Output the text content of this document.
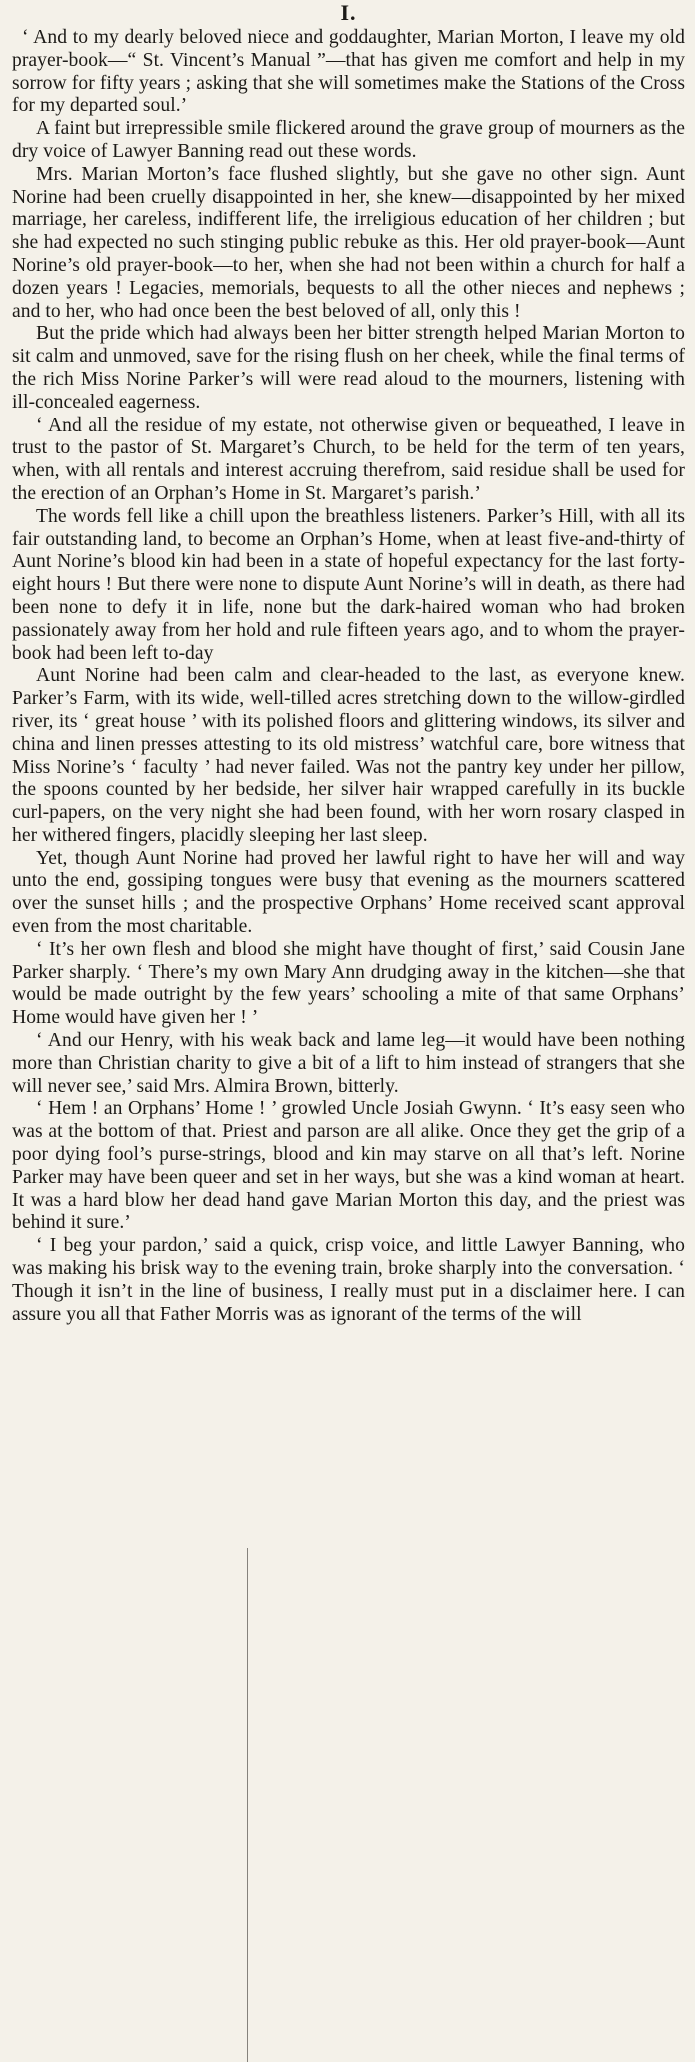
I.

‘ And to my dearly beloved niece and goddaughter, Marian Morton, I leave my old prayer-book—“ St. Vincent’s Manual ”—that has given me comfort and help in my sorrow for fifty years ; asking that she will sometimes make the Stations of the Cross for my departed soul.’

A faint but irrepressible smile flickered around the grave group of mourners as the dry voice of Lawyer Banning read out these words.

Mrs. Marian Morton’s face flushed slightly, but she gave no other sign. Aunt Norine had been cruelly disappointed in her, she knew—disappointed by her mixed marriage, her careless, indifferent life, the irreligious education of her children ; but she had expected no such stinging public rebuke as this. Her old prayer-book—Aunt Norine’s old prayer-book—to her, when she had not been within a church for half a dozen years ! Legacies, memorials, bequests to all the other nieces and nephews ; and to her, who had once been the best beloved of all, only this !

But the pride which had always been her bitter strength helped Marian Morton to sit calm and unmoved, save for the rising flush on her cheek, while the final terms of the rich Miss Norine Parker’s will were read aloud to the mourners, listening with ill-concealed eagerness.

‘ And all the residue of my estate, not otherwise given or bequeathed, I leave in trust to the pastor of St. Margaret’s Church, to be held for the term of ten years, when, with all rentals and interest accruing therefrom, said residue shall be used for the erection of an Orphan’s Home in St. Margaret’s parish.’

The words fell like a chill upon the breathless listeners. Parker’s Hill, with all its fair outstanding land, to become an Orphan’s Home, when at least five-and-thirty of Aunt Norine’s blood kin had been in a state of hopeful expectancy for the last forty-eight hours ! But there were none to dispute Aunt Norine’s will in death, as there had been none to defy it in life, none but the dark-haired woman who had broken passionately away from her hold and rule fifteen years ago, and to whom the prayer-book had been left to-day

Aunt Norine had been calm and clear-headed to the last, as everyone knew. Parker’s Farm, with its wide, well-tilled acres stretching down to the willow-girdled river, its ‘ great house ’ with its polished floors and glittering windows, its silver and china and linen presses attesting to its old mistress’ watchful care, bore witness that Miss Norine’s ‘ faculty ’ had never failed. Was not the pantry key under her pillow, the spoons counted by her bedside, her silver hair wrapped carefully in its buckle curl-papers, on the very night she had been found, with her worn rosary clasped in her withered fingers, placidly sleeping her last sleep.

Yet, though Aunt Norine had proved her lawful right to have her will and way unto the end, gossiping tongues were busy that evening as the mourners scattered over the sunset hills ; and the prospective Orphans’ Home received scant approval even from the most charitable.

‘ It’s her own flesh and blood she might have thought of first,’ said Cousin Jane Parker sharply. ‘ There’s my own Mary Ann drudging away in the kitchen—she that would be made outright by the few years’ schooling a mite of that same Orphans’ Home would have given her ! ’

‘ And our Henry, with his weak back and lame leg—it would have been nothing more than Christian charity to give a bit of a lift to him instead of strangers that she will never see,’ said Mrs. Almira Brown, bitterly.

‘ Hem ! an Orphans’ Home ! ’ growled Uncle Josiah Gwynn. ‘ It’s easy seen who was at the bottom of that. Priest and parson are all alike. Once they get the grip of a poor dying fool’s purse-strings, blood and kin may starve on all that’s left. Norine Parker may have been queer and set in her ways, but she was a kind woman at heart. It was a hard blow her dead hand gave Marian Morton this day, and the priest was behind it sure.’

‘ I beg your pardon,’ said a quick, crisp voice, and little Lawyer Banning, who was making his brisk way to the evening train, broke sharply into the conversation. ‘ Though it isn’t in the line of business, I really must put in a disclaimer here. I can assure you all that Father Morris was as ignorant of the terms of the will
